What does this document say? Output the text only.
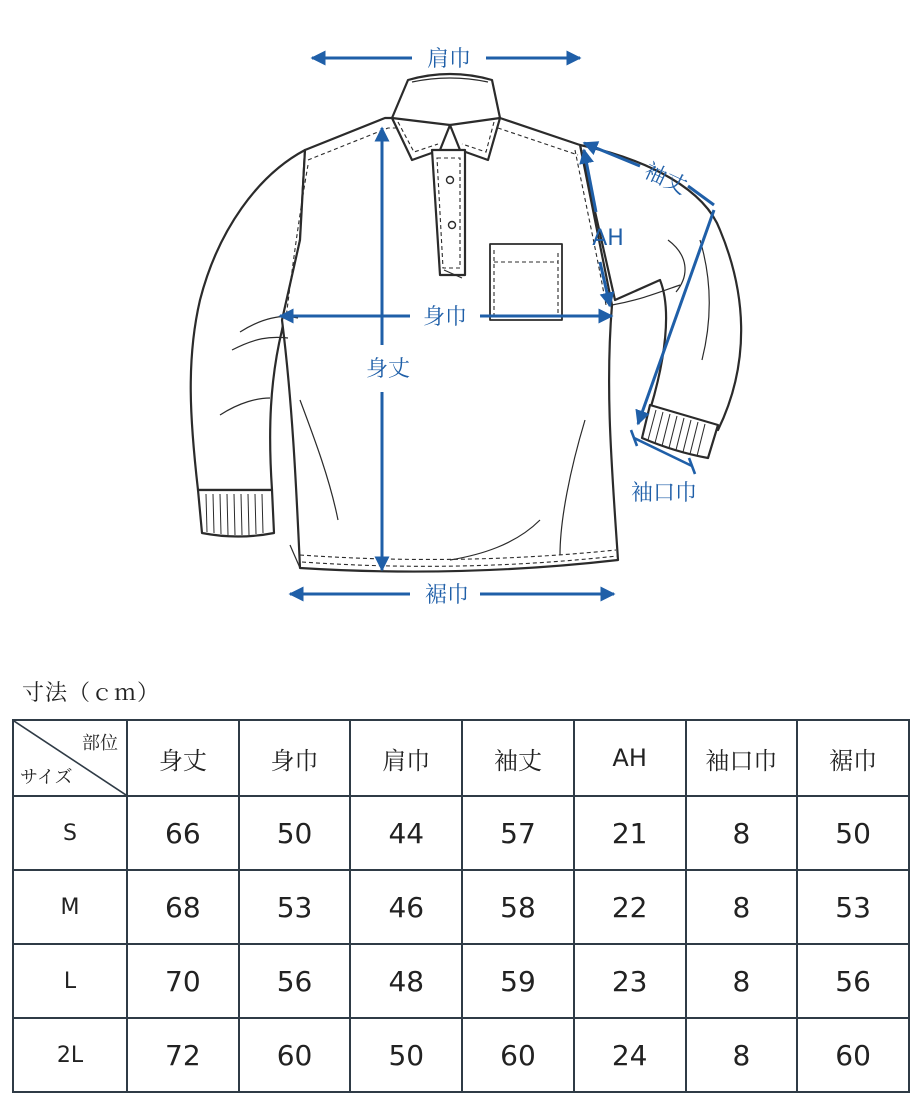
肩巾
袖丈
AH
身巾
身丈
袖口巾
裾巾
寸法（ｃｍ）
部位
サイズ	身丈	身巾	肩巾	袖丈	AH	袖口巾	裾巾
S	66	50	44	57	21	8	50
M	68	53	46	58	22	8	53
L	70	56	48	59	23	8	56
2L	72	60	50	60	24	8	60
